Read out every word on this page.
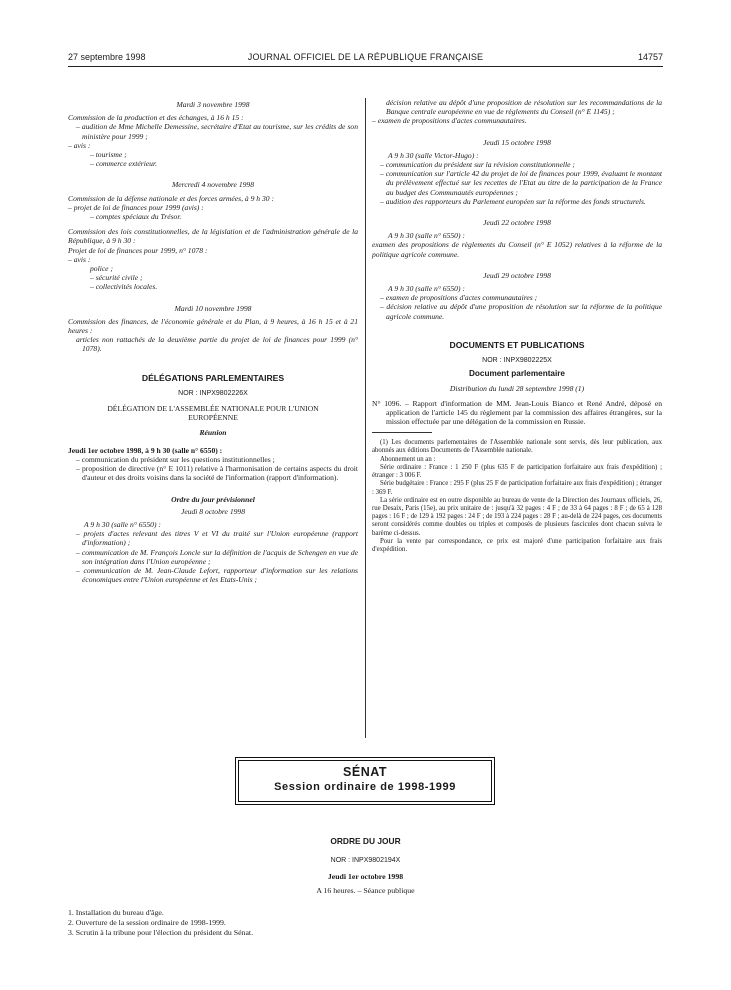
27 septembre 1998	JOURNAL OFFICIEL DE LA RÉPUBLIQUE FRANÇAISE	14757
Mardi 3 novembre 1998
Commission de la production et des échanges, à 16 h 15 :
– audition de Mme Michelle Demessine, secrétaire d'Etat au tourisme, sur les crédits de son ministère pour 1999 ;
– avis :
– tourisme ;
– commerce extérieur.
Mercredi 4 novembre 1998
Commission de la défense nationale et des forces armées, à 9 h 30 :
– projet de loi de finances pour 1999 (avis) :
– comptes spéciaux du Trésor.
Commission des lois constitutionnelles, de la législation et de l'administration générale de la République, à 9 h 30 :
Projet de loi de finances pour 1999, n° 1078 :
– avis :
police ;
– sécurité civile ;
– collectivités locales.
Mardi 10 novembre 1998
Commission des finances, de l'économie générale et du Plan, à 9 heures, à 16 h 15 et à 21 heures :
articles non rattachés de la deuxième partie du projet de loi de finances pour 1999 (n° 1078).
DÉLÉGATIONS PARLEMENTAIRES
NOR : INPX9802226X
DÉLÉGATION DE L'ASSEMBLÉE NATIONALE POUR L'UNION EUROPÉENNE
Réunion
Jeudi 1er octobre 1998, à 9 h 30 (salle n° 6550) :
– communication du président sur les questions institutionnelles ;
– proposition de directive (n° E 1011) relative à l'harmonisation de certains aspects du droit d'auteur et des droits voisins dans la société de l'information (rapport d'information).
Ordre du jour prévisionnel
Jeudi 8 octobre 1998
A 9 h 30 (salle n° 6550) :
– projets d'actes relevant des titres V et VI du traité sur l'Union européenne (rapport d'information) ;
– communication de M. François Loncle sur la définition de l'acquis de Schengen en vue de son intégration dans l'Union européenne ;
– communication de M. Jean-Claude Lefort, rapporteur d'information sur les relations économiques entre l'Union européenne et les Etats-Unis ;
décision relative au dépôt d'une proposition de résolution sur les recommandations de la Banque centrale européenne en vue de règlements du Conseil (n° E 1145) ;
– examen de propositions d'actes communautaires.
Jeudi 15 octobre 1998
A 9 h 30 (salle Victor-Hugo) :
– communication du président sur la révision constitutionnelle ;
– communication sur l'article 42 du projet de loi de finances pour 1999, évaluant le montant du prélèvement effectué sur les recettes de l'Etat au titre de la participation de la France au budget des Communautés européennes ;
– audition des rapporteurs du Parlement européen sur la réforme des fonds structurels.
Jeudi 22 octobre 1998
A 9 h 30 (salle n° 6550) :
examen des propositions de règlements du Conseil (n° E 1052) relatives à la réforme de la politique agricole commune.
Jeudi 29 octobre 1998
A 9 h 30 (salle n° 6550) :
– examen de propositions d'actes communautaires ;
– décision relative au dépôt d'une proposition de résolution sur la réforme de la politique agricole commune.
DOCUMENTS ET PUBLICATIONS
NOR : INPX9802225X
Document parlementaire
Distribution du lundi 28 septembre 1998 (1)
N° 1096. – Rapport d'information de MM. Jean-Louis Bianco et René André, déposé en application de l'article 145 du règlement par la commission des affaires étrangères, sur la mission effectuée par une délégation de la commission en Russie.
(1) Les documents parlementaires de l'Assemblée nationale sont servis, dès leur publication, aux abonnés aux éditions Documents de l'Assemblée nationale.
Abonnement un an :
Série ordinaire : France : 1 250 F (plus 635 F de participation forfaitaire aux frais d'expédition) ; étranger : 3 006 F.
Série budgétaire : France : 295 F (plus 25 F de participation forfaitaire aux frais d'expédition) ; étranger : 369 F.
La série ordinaire est en outre disponible au bureau de vente de la Direction des Journaux officiels, 26, rue Desaix, Paris (15e), au prix unitaire de : jusqu'à 32 pages : 4 F ; de 33 à 64 pages : 8 F ; de 65 à 128 pages : 16 F ; de 129 à 192 pages : 24 F ; de 193 à 224 pages : 28 F ; au-delà de 224 pages, ces documents seront considérés comme doubles ou triples et composés de plusieurs fascicules dont chacun suivra le barème ci-dessus.
Pour la vente par correspondance, ce prix est majoré d'une participation forfaitaire aux frais d'expédition.
SÉNAT
Session ordinaire de 1998-1999
ORDRE DU JOUR
NOR : INPX9802194X
Jeudi 1er octobre 1998
A 16 heures. – Séance publique
1. Installation du bureau d'âge.
2. Ouverture de la session ordinaire de 1998-1999.
3. Scrutin à la tribune pour l'élection du président du Sénat.
